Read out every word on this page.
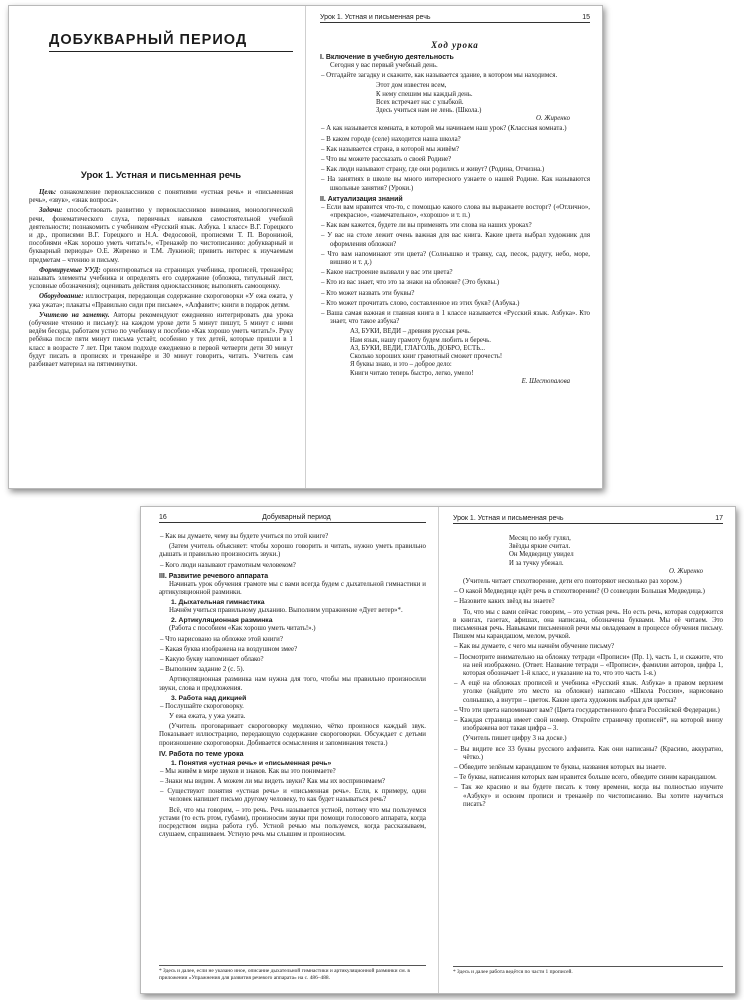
ДОБУКВАРНЫЙ ПЕРИОД
Урок 1. Устная и письменная речь

Цель: ознакомление первоклассников с понятиями «устная речь» и «письменная речь», «звук», «знак вопроса».

Задачи: способствовать развитию у первоклассников внимания, монологической речи, фонематического слуха, первичных навыков самостоятельной учебной деятельности; познакомить с учебником «Русский язык. Азбука. 1 класс» В.Г. Горецкого и др., прописями В.Г. Горецкого и Н.А. Федосовой, прописями Т. П. Ворониной, пособиями «Как хорошо уметь читать!», «Тренажёр по чистописанию: добукварный и букварный периоды» О.Е. Жиренко и Т.М. Лукиной; привить интерес к изучаемым предметам – чтению и письму.

Формируемые УУД: ориентироваться на страницах учебника, прописей, тренажёра; называть элементы учебника и определять его содержание (обложка, титульный лист, условные обозначения); оценивать действия одноклассников; выполнять самооценку.

Оборудование: иллюстрация, передающая содержание скороговорки «У ежа ежата, у ужа ужата»; плакаты «Правильно сиди при письме», «Алфавит»; книги в подарок детям.

Учителю на заметку. Авторы рекомендуют ежедневно интегрировать два урока (обучение чтению и письму): на каждом уроке дети 5 минут пишут, 5 минут с ними ведём беседы, работаем устно по учебнику и пособию «Как хорошо уметь читать!». Руку ребёнка после пяти минут письма устаёт, особенно у тех детей, которые пришли в 1 класс в возрасте 7 лет. При таком подходе ежедневно в первой четверти дети 30 минут будут писать в прописях и тренажёре и 30 минут говорить, читать. Учитель сам разбивает материал на пятиминутки.

Урок 1. Устная и письменная речь	15
Ход урока
I. Включение в учебную деятельность

Сегодня у вас первый учебный день.

– Отгадайте загадку и скажите, как называется здание, в котором мы находимся.

Этот дом известен всем,
К нему спешим мы каждый день.
Всех встречает нас с улыбкой.
Здесь учиться нам не лень. (Школа.)
О. Жиренко

– А как называется комната, в которой мы начинаем наш урок? (Классная комната.)

– В каком городе (селе) находится наша школа?

– Как называется страна, в которой мы живём?

– Что вы можете рассказать о своей Родине?

– Как люди называют страну, где они родились и живут? (Родина, Отчизна.)

– На занятиях в школе вы много интересного узнаете о нашей Родине. Как называются школьные занятия? (Уроки.)

II. Актуализация знаний

– Если вам нравится что-то, с помощью какого слова вы выражаете восторг? («Отлично», «прекрасно», «замечательно», «хорошо» и т. п.)

– Как вам кажется, будете ли вы применять эти слова на наших уроках?

– У вас на столе лежит очень важная для вас книга. Какие цвета выбрал художник для оформления обложки?

– Что вам напоминают эти цвета? (Солнышко и травку, сад, песок, радугу, небо, море, вишню и т. д.)

– Какое настроение вызвали у вас эти цвета?

– Кто из вас знает, что это за знаки на обложке? (Это буквы.)

– Кто может назвать эти буквы?

– Кто может прочитать слово, составленное из этих букв? (Азбука.)

– Ваша самая важная и главная книга в 1 классе называется «Русский язык. Азбука». Кто знает, что такое азбука?

АЗ, БУКИ, ВЕДИ – древняя русская речь.
Нам язык, нашу грамоту будем любить и беречь.
АЗ, БУКИ, ВЕДИ, ГЛАГОЛЬ, ДОБРО, ЕСТЬ...
Сколько хороших книг грамотный сможет прочесть!
Я буквы знаю, и это – доброе дело:
Книги читаю теперь быстро, легко, умело!
Е. Шестопалова
16	Добукварный период

– Как вы думаете, чему вы будете учиться по этой книге?

(Затем учитель объясняет: чтобы хорошо говорить и читать, нужно уметь правильно дышать и правильно произносить звуки.)

– Кого люди называют грамотным человеком?

III. Развитие речевого аппарата

Начинать урок обучения грамоте мы с вами всегда будем с дыхательной гимнастики и артикуляционной разминки.

1. Дыхательная гимнастика

Начнём учиться правильному дыханию. Выполним упражнение «Дует ветер»*.

2. Артикуляционная разминка

(Работа с пособием «Как хорошо уметь читать!».)

– Что нарисовано на обложке этой книги?

– Какая буква изображена на воздушном змее?

– Какую букву напоминает облако?

– Выполним задание 2 (с. 5).

Артикуляционная разминка нам нужна для того, чтобы мы правильно произносили звуки, слова и предложения.

3. Работа над дикцией

– Послушайте скороговорку.

У ежа ежата, у ужа ужата.

(Учитель проговаривает скороговорку медленно, чётко произнося каждый звук. Показывает иллюстрацию, передающую содержание скороговорки. Обсуждает с детьми произношение скороговорки. Добивается осмысления и запоминания текста.)

IV. Работа по теме урока
1. Понятия «устная речь» и «письменная речь»

– Мы живём в мире звуков и знаков. Как вы это понимаете?

– Знаки мы видим. А можем ли мы видеть звуки? Как мы их воспринимаем?

– Существуют понятия «устная речь» и «письменная речь». Если, к примеру, один человек напишет письмо другому человеку, то как будет называться речь?

Всё, что мы говорим, – это речь. Речь называется устной, потому что мы пользуемся устами (то есть ртом, губами), произносим звуки при помощи голосового аппарата, когда посредством видна работа губ. Устной речью мы пользуемся, когда рассказываем, слушаем, спрашиваем. Устную речь мы слышим и произносим.

* Здесь и далее, если не указано иное, описание дыхательной гимнастики и артикуляционной разминки см. в приложении «Упражнения для развития речевого аппарата» на с. 486–488.
Урок 1. Устная и письменная речь	17
Месяц по небу гулял,
Звёзды яркие считал.
Он Медведицу увидел
И за тучку убежал.
О. Жиренко

(Учитель читает стихотворение, дети его повторяют несколько раз хором.)

– О какой Медведице идёт речь в стихотворении? (О созвездии Большая Медведица.)

– Назовите каких звёзд вы знаете?

То, что мы с вами сейчас говорим, – это устная речь. Но есть речь, которая содержится в книгах, газетах, афишах, она написана, обозначена буквами. Мы её читаем. Это письменная речь. Навыками письменной речи мы овладеваем в процессе обучения письму. Пишем мы карандашом, мелом, ручкой.

– Как вы думаете, с чего мы начнём обучение письму?

– Посмотрите внимательно на обложку тетради «Прописи» (Пр. 1), часть 1, и скажите, что на ней изображено. (Ответ. Название тетради – «Прописи», фамилии авторов, цифра 1, которая обозначает 1-й класс, и указание на то, что это часть 1-я.)

– А ещё на обложках прописей и учебника «Русский язык. Азбука» в правом верхнем уголке (найдите это место на обложке) написано «Школа России», нарисовано солнышко, а внутри – цветок. Какие цвета художник выбрал для цветка?

– Что эти цвета напоминают вам? (Цвета государственного флага Российской Федерации.)

– Каждая страница имеет свой номер. Откройте страничку прописей*, на которой внизу изображена вот такая цифра – 3.

(Учитель пишет цифру 3 на доске.)

– Вы видите все 33 буквы русского алфавита. Как они написаны? (Красиво, аккуратно, чётко.)

– Обведите зелёным карандашом те буквы, названия которых вы знаете.

– Те буквы, написания которых вам нравится больше всего, обведите синим карандашом.

– Так же красиво и вы будете писать к тому времени, когда вы полностью изучите «Азбуку» и освоим прописи и тренажёр по чистописанию. Вы хотите научиться писать?

* Здесь и далее работа ведётся по части 1 прописей.
